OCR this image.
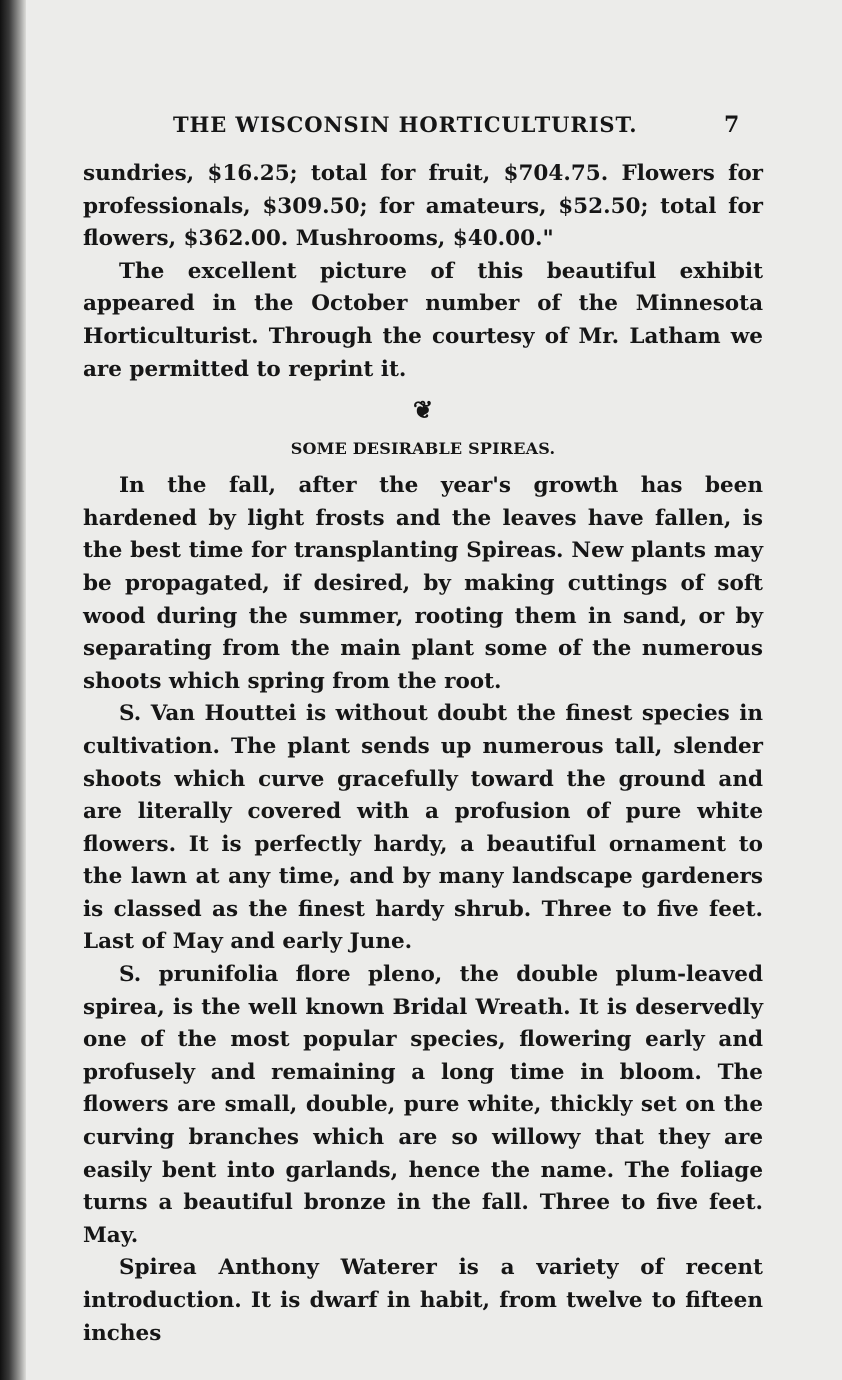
THE WISCONSIN HORTICULTURIST.	7

sundries, $16.25; total for fruit, $704.75. Flowers for professionals, $309.50; for amateurs, $52.50; total for flowers, $362.00. Mushrooms, $40.00."

The excellent picture of this beautiful exhibit appeared in the October number of the Minnesota Horticulturist. Through the courtesy of Mr. Latham we are permitted to reprint it.

❦
SOME DESIRABLE SPIREAS.

In the fall, after the year's growth has been hardened by light frosts and the leaves have fallen, is the best time for transplanting Spireas. New plants may be propagated, if desired, by making cuttings of soft wood during the summer, rooting them in sand, or by separating from the main plant some of the numerous shoots which spring from the root.

S. Van Houttei is without doubt the finest species in cultivation. The plant sends up numerous tall, slender shoots which curve gracefully toward the ground and are literally covered with a profusion of pure white flowers. It is perfectly hardy, a beautiful ornament to the lawn at any time, and by many landscape gardeners is classed as the finest hardy shrub. Three to five feet. Last of May and early June.

S. prunifolia flore pleno, the double plum-leaved spirea, is the well known Bridal Wreath. It is deservedly one of the most popular species, flowering early and profusely and remaining a long time in bloom. The flowers are small, double, pure white, thickly set on the curving branches which are so willowy that they are easily bent into garlands, hence the name. The foliage turns a beautiful bronze in the fall. Three to five feet. May.

Spirea Anthony Waterer is a variety of recent introduction. It is dwarf in habit, from twelve to fifteen inches
